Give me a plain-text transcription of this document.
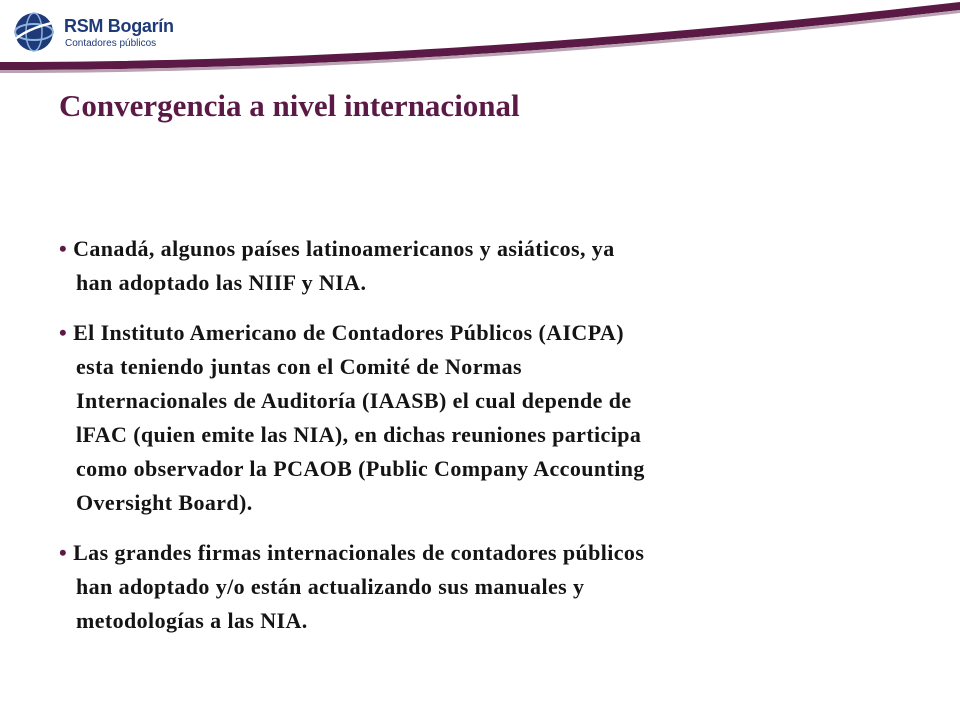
RSM Bogarín
Contadores públicos
Convergencia a nivel internacional
• Canadá, algunos países latinoamericanos y asiáticos, ya
han adoptado las NIIF y NIA.
• El Instituto Americano de Contadores Públicos (AICPA)
esta teniendo juntas con el Comité de Normas
Internacionales de Auditoría (IAASB) el cual depende de
lFAC (quien emite las NIA), en dichas reuniones participa
como observador la PCAOB (Public Company Accounting
Oversight Board).
• Las grandes firmas internacionales de contadores públicos
han adoptado y/o están actualizando sus manuales y
metodologías a las NIA.
